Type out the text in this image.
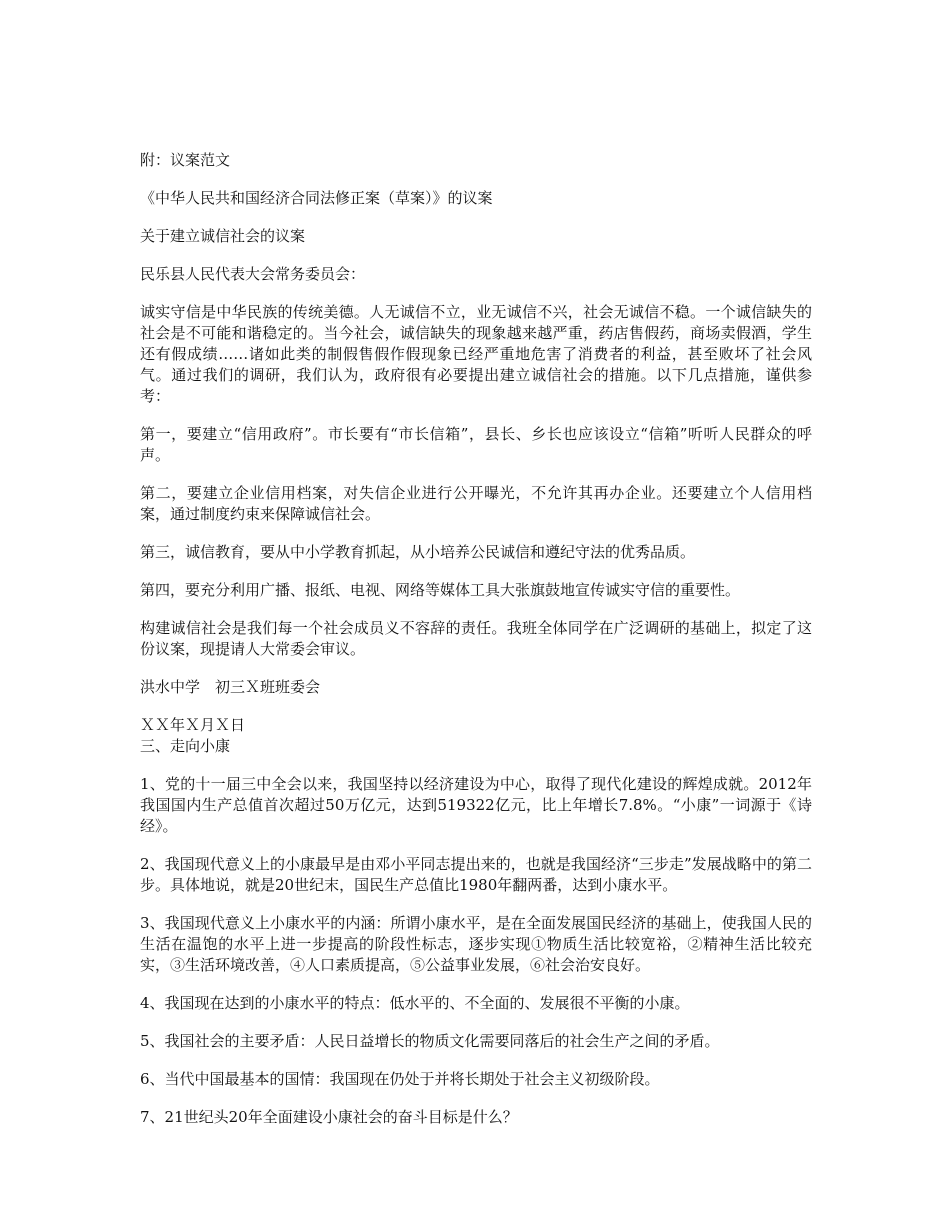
附：议案范文

《中华人民共和国经济合同法修正案（草案）》的议案

关于建立诚信社会的议案

民乐县人民代表大会常务委员会：

诚实守信是中华民族的传统美德。人无诚信不立，业无诚信不兴，社会无诚信不稳。一个诚信缺失的社会是不可能和谐稳定的。当今社会，诚信缺失的现象越来越严重，药店售假药，商场卖假酒，学生还有假成绩……诸如此类的制假售假作假现象已经严重地危害了消费者的利益，甚至败坏了社会风气。通过我们的调研，我们认为，政府很有必要提出建立诚信社会的措施。以下几点措施，谨供参考：

第一，要建立“信用政府”。市长要有“市长信箱”，县长、乡长也应该设立“信箱”听听人民群众的呼声。

第二，要建立企业信用档案，对失信企业进行公开曝光，不允许其再办企业。还要建立个人信用档案，通过制度约束来保障诚信社会。

第三，诚信教育，要从中小学教育抓起，从小培养公民诚信和遵纪守法的优秀品质。

第四，要充分利用广播、报纸、电视、网络等媒体工具大张旗鼓地宣传诚实守信的重要性。

构建诚信社会是我们每一个社会成员义不容辞的责任。我班全体同学在广泛调研的基础上，拟定了这份议案，现提请人大常委会审议。

洪水中学　初三Ｘ班班委会

ＸＸ年Ｘ月Ｘ日

三、走向小康

1、党的十一届三中全会以来，我国坚持以经济建设为中心，取得了现代化建设的辉煌成就。2012年我国国内生产总值首次超过50万亿元，达到519322亿元，比上年增长7.8%。“小康”一词源于《诗经》。

2、我国现代意义上的小康最早是由邓小平同志提出来的，也就是我国经济“三步走”发展战略中的第二步。具体地说，就是20世纪末，国民生产总值比1980年翻两番，达到小康水平。

3、我国现代意义上小康水平的内涵：所谓小康水平，是在全面发展国民经济的基础上，使我国人民的生活在温饱的水平上进一步提高的阶段性标志，逐步实现①物质生活比较宽裕，②精神生活比较充实，③生活环境改善，④人口素质提高，⑤公益事业发展，⑥社会治安良好。

4、我国现在达到的小康水平的特点：低水平的、不全面的、发展很不平衡的小康。

5、我国社会的主要矛盾：人民日益增长的物质文化需要同落后的社会生产之间的矛盾。

6、当代中国最基本的国情：我国现在仍处于并将长期处于社会主义初级阶段。

7、21世纪头20年全面建设小康社会的奋斗目标是什么？
